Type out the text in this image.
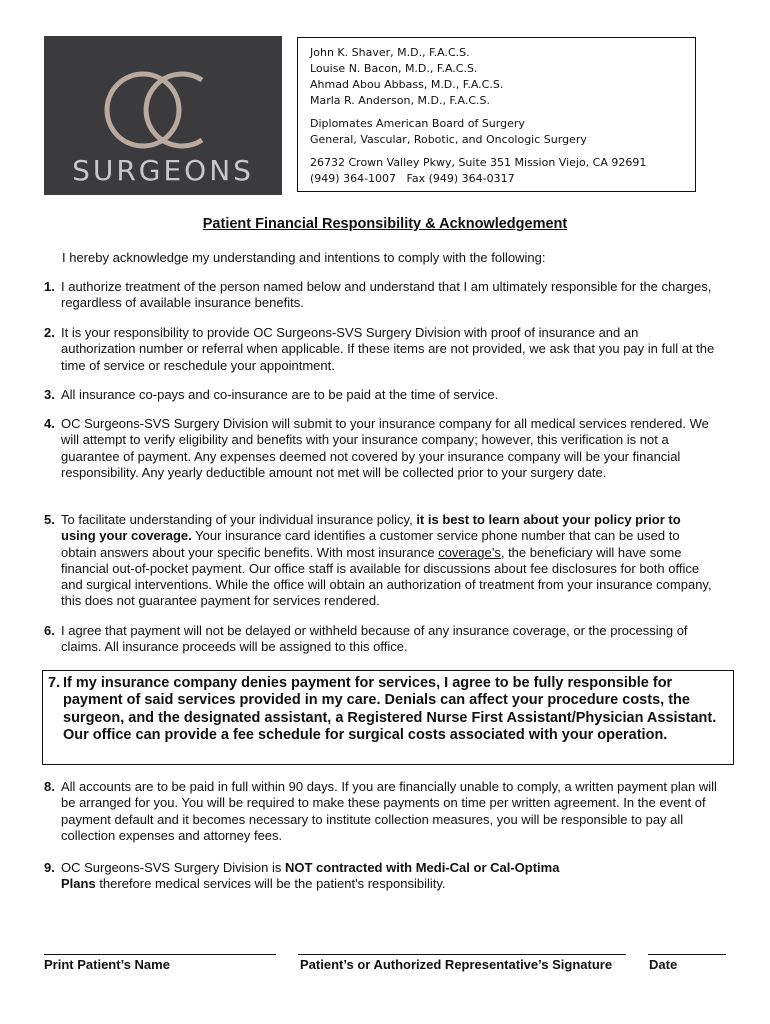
SURGEONS
John K. Shaver, M.D., F.A.C.S.
Louise N. Bacon, M.D., F.A.C.S.
Ahmad Abou Abbass, M.D., F.A.C.S.
Marla R. Anderson, M.D., F.A.C.S.
Diplomates American Board of Surgery
General, Vascular, Robotic, and Oncologic Surgery
26732 Crown Valley Pkwy, Suite 351 Mission Viejo, CA 92691
(949) 364-1007   Fax (949) 364-0317
Patient Financial Responsibility & Acknowledgement
I hereby acknowledge my understanding and intentions to comply with the following:
1. I authorize treatment of the person named below and understand that I am ultimately responsible for the charges, regardless of available insurance benefits.
2. It is your responsibility to provide OC Surgeons-SVS Surgery Division with proof of insurance and an authorization number or referral when applicable. If these items are not provided, we ask that you pay in full at the time of service or reschedule your appointment.
3. All insurance co-pays and co-insurance are to be paid at the time of service.
4. OC Surgeons-SVS Surgery Division will submit to your insurance company for all medical services rendered. We will attempt to verify eligibility and benefits with your insurance company; however, this verification is not a guarantee of payment. Any expenses deemed not covered by your insurance company will be your financial responsibility. Any yearly deductible amount not met will be collected prior to your surgery date.
5. To facilitate understanding of your individual insurance policy, it is best to learn about your policy prior to using your coverage. Your insurance card identifies a customer service phone number that can be used to obtain answers about your specific benefits. With most insurance coverage’s, the beneficiary will have some financial out-of-pocket payment. Our office staff is available for discussions about fee disclosures for both office and surgical interventions. While the office will obtain an authorization of treatment from your insurance company, this does not guarantee payment for services rendered.
6. I agree that payment will not be delayed or withheld because of any insurance coverage, or the processing of claims. All insurance proceeds will be assigned to this office.
7. If my insurance company denies payment for services, I agree to be fully responsible for payment of said services provided in my care. Denials can affect your procedure costs, the surgeon, and the designated assistant, a Registered Nurse First Assistant/Physician Assistant. Our office can provide a fee schedule for surgical costs associated with your operation.
8. All accounts are to be paid in full within 90 days. If you are financially unable to comply, a written payment plan will be arranged for you. You will be required to make these payments on time per written agreement. In the event of payment default and it becomes necessary to institute collection measures, you will be responsible to pay all collection expenses and attorney fees.
9. OC Surgeons-SVS Surgery Division is NOT contracted with Medi-Cal or Cal-Optima Plans therefore medical services will be the patient's responsibility.
Print Patient’s Name	Patient’s or Authorized Representative’s Signature	Date
